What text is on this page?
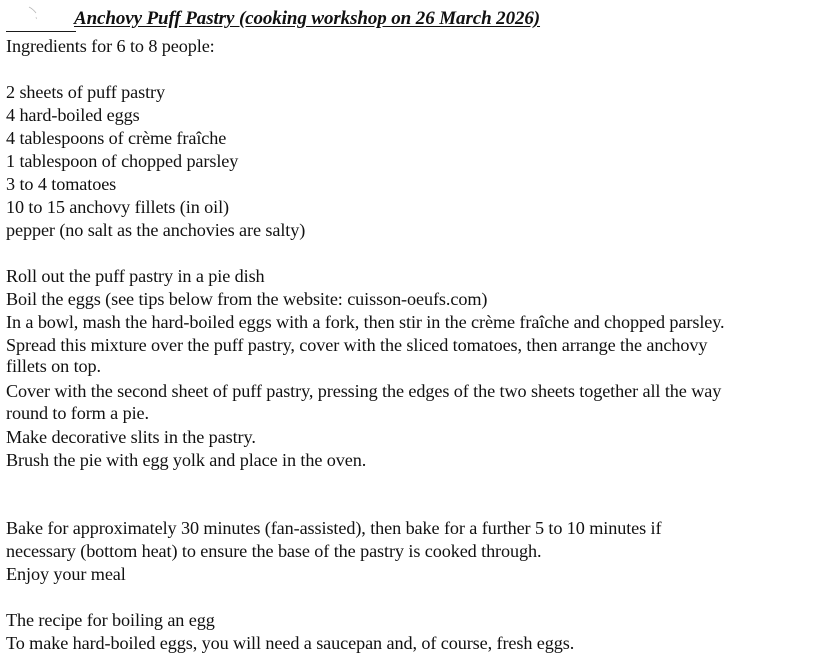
Anchovy Puff Pastry (cooking workshop on 26 March 2026)
Ingredients for 6 to 8 people:
2 sheets of puff pastry
4 hard-boiled eggs
4 tablespoons of crème fraîche
1 tablespoon of chopped parsley
3 to 4 tomatoes
10 to 15 anchovy fillets (in oil)
pepper (no salt as the anchovies are salty)
Roll out the puff pastry in a pie dish
Boil the eggs (see tips below from the website: cuisson-oeufs.com)
In a bowl, mash the hard-boiled eggs with a fork, then stir in the crème fraîche and chopped parsley.
Spread this mixture over the puff pastry, cover with the sliced tomatoes, then arrange the anchovy
fillets on top.
Cover with the second sheet of puff pastry, pressing the edges of the two sheets together all the way
round to form a pie.
Make decorative slits in the pastry.
Brush the pie with egg yolk and place in the oven.
Bake for approximately 30 minutes (fan-assisted), then bake for a further 5 to 10 minutes if
necessary (bottom heat) to ensure the base of the pastry is cooked through.
Enjoy your meal
The recipe for boiling an egg
To make hard-boiled eggs, you will need a saucepan and, of course, fresh eggs.
